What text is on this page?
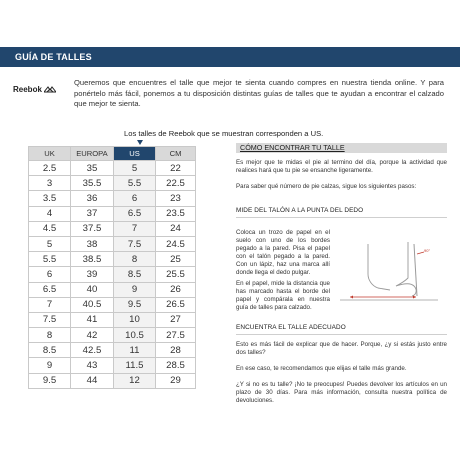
GUÍA DE TALLES
Reebok
Queremos que encuentres el talle que mejor te sienta cuando compres en nuestra tienda online. Y para ponértelo más fácil, ponemos a tu disposición distintas guías de talles que te ayudan a encontrar el calzado que mejor te sienta.
Los talles de Reebok que se muestran corresponden a US.
UK	EUROPA	US	CM
2.5	35	5	22
3	35.5	5.5	22.5
3.5	36	6	23
4	37	6.5	23.5
4.5	37.5	7	24
5	38	7.5	24.5
5.5	38.5	8	25
6	39	8.5	25.5
6.5	40	9	26
7	40.5	9.5	26.5
7.5	41	10	27
8	42	10.5	27.5
8.5	42.5	11	28
9	43	11.5	28.5
9.5	44	12	29
CÓMO ENCONTRAR TU TALLE
Es mejor que te midas el pie al termino del día, porque la actividad que realices hará que tu pie se ensanche ligeramente.
Para saber qué número de pie calzas, sigue los siguientes pasos:
MIDE DEL TALÓN A LA PUNTA DEL DEDO
Coloca un trozo de papel en el suelo con uno de los bordes pegado a la pared. Pisa el papel con el talón pegado a la pared. Con un lápiz, haz una marca allí donde llega el dedo pulgar.
En el papel, mide la distancia que has marcado hasta el borde del papel y compárala en nuestra guía de talles para calzado.
90°
ENCUENTRA EL TALLE ADECUADO
Esto es más fácil de explicar que de hacer. Porque, ¿y si estás justo entre dos talles?
En ese caso, te recomendamos que elijas el talle más grande.
¿Y si no es tu talle? ¡No te preocupes! Puedes devolver los artículos en un plazo de 30 días. Para más información, consulta nuestra política de devoluciones.
